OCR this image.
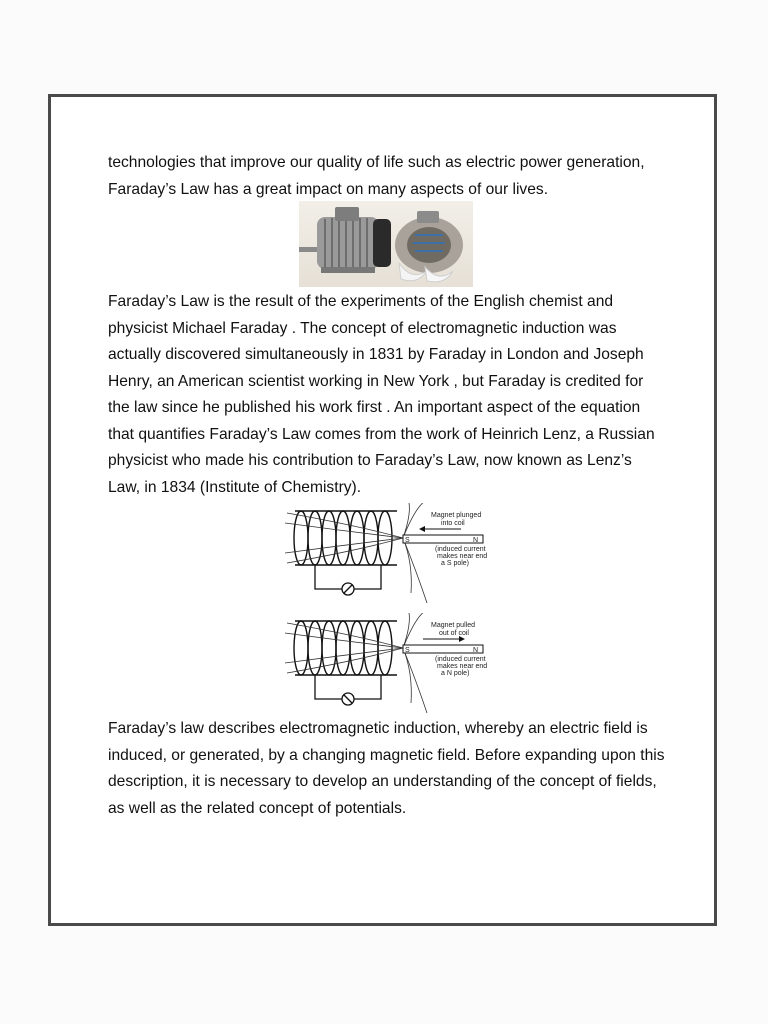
technologies that improve our quality of life such as electric power generation, Faraday’s Law has a great impact on many aspects of our lives.

Faraday’s Law is the result of the experiments of the English chemist and physicist Michael Faraday . The concept of electromagnetic induction was actually discovered simultaneously in 1831 by Faraday in London and Joseph Henry, an American scientist working in New York , but Faraday is credited for the law since he published his work first . An important aspect of the equation that quantifies Faraday’s Law comes from the work of Heinrich Lenz, a Russian physicist who made his contribution to Faraday’s Law, now known as Lenz’s Law, in 1834 (Institute of Chemistry).

S	N
Magnet plunged
into coil
(induced current
makes near end
a S pole)
S	N
Magnet pulled
out of coil
(induced current
makes near end
a N pole)

Faraday’s law describes electromagnetic induction, whereby an electric field is induced, or generated, by a changing magnetic field. Before expanding upon this description, it is necessary to develop an understanding of the concept of fields, as well as the related concept of potentials.
